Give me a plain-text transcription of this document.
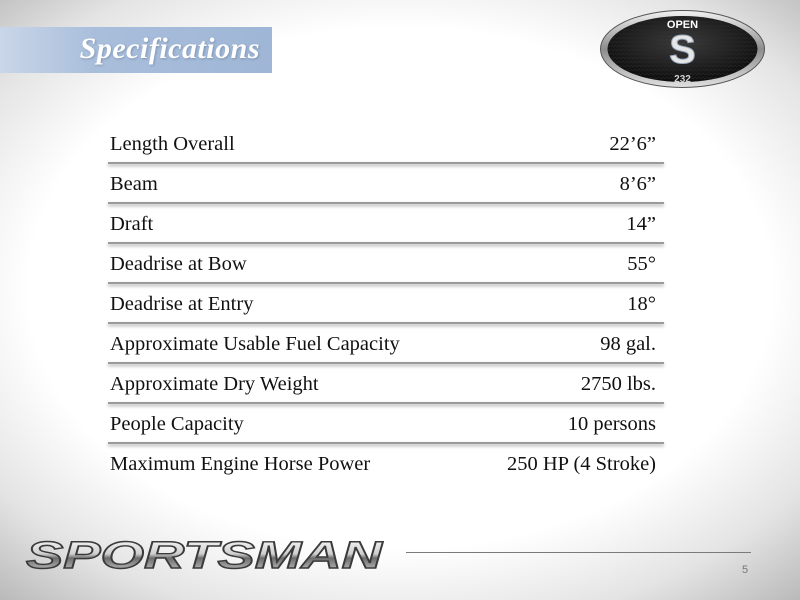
Specifications
OPEN
S
232
Length Overall	22’6”
Beam	8’6”
Draft	14”
Deadrise at Bow	55°
Deadrise at Entry	18°
Approximate Usable Fuel Capacity	98 gal.
Approximate Dry Weight	2750 lbs.
People Capacity	10 persons
Maximum Engine Horse Power	250 HP (4 Stroke)
SPORTSMAN	5
